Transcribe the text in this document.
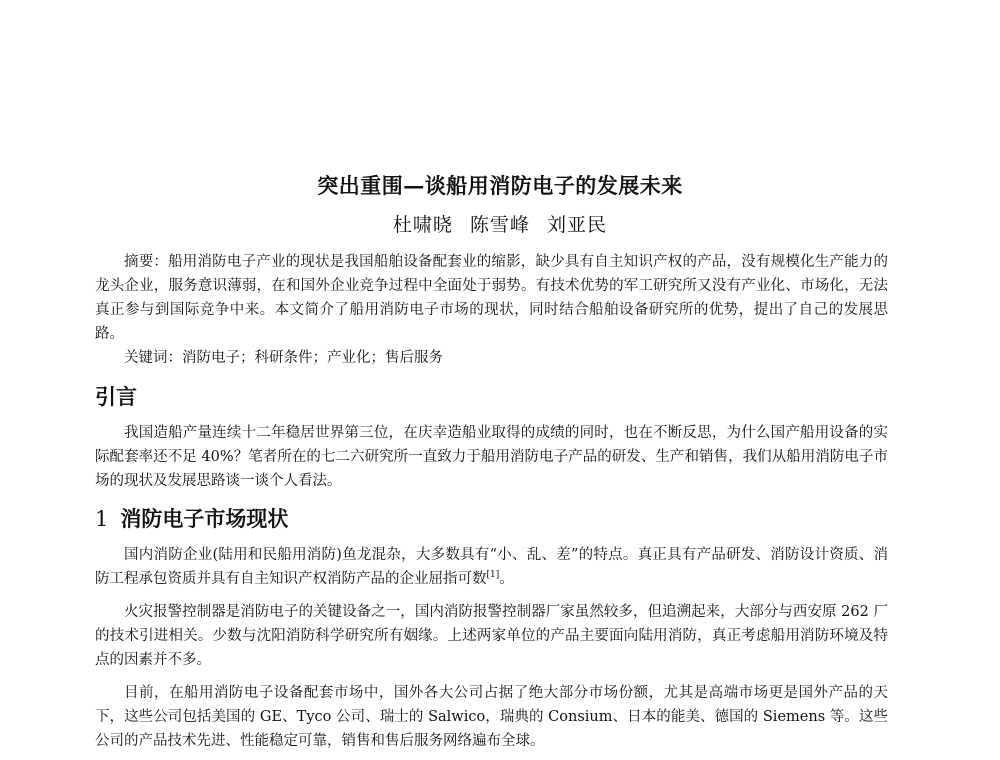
突出重围—谈船用消防电子的发展未来
杜啸晓 陈雪峰 刘亚民
摘要：船用消防电子产业的现状是我国船舶设备配套业的缩影，缺少具有自主知识产权的产品，没有规模化生产能力的龙头企业，服务意识薄弱，在和国外企业竞争过程中全面处于弱势。有技术优势的军工研究所又没有产业化、市场化，无法真正参与到国际竞争中来。本文简介了船用消防电子市场的现状，同时结合船舶设备研究所的优势，提出了自己的发展思路。
关键词：消防电子；科研条件；产业化；售后服务
引言
我国造船产量连续十二年稳居世界第三位，在庆幸造船业取得的成绩的同时，也在不断反思，为什么国产船用设备的实际配套率还不足 40%？笔者所在的七二六研究所一直致力于船用消防电子产品的研发、生产和销售，我们从船用消防电子市场的现状及发展思路谈一谈个人看法。
1 消防电子市场现状
国内消防企业(陆用和民船用消防)鱼龙混杂，大多数具有“小、乱、差”的特点。真正具有产品研发、消防设计资质、消防工程承包资质并具有自主知识产权消防产品的企业屈指可数[1]。
火灾报警控制器是消防电子的关键设备之一，国内消防报警控制器厂家虽然较多，但追溯起来，大部分与西安原 262 厂的技术引进相关。少数与沈阳消防科学研究所有姻缘。上述两家单位的产品主要面向陆用消防，真正考虑船用消防环境及特点的因素并不多。
目前，在船用消防电子设备配套市场中，国外各大公司占据了绝大部分市场份额，尤其是高端市场更是国外产品的天下，这些公司包括美国的 GE、Tyco 公司、瑞士的 Salwico，瑞典的 Consium、日本的能美、德国的 Siemens 等。这些公司的产品技术先进、性能稳定可靠，销售和售后服务网络遍布全球。
